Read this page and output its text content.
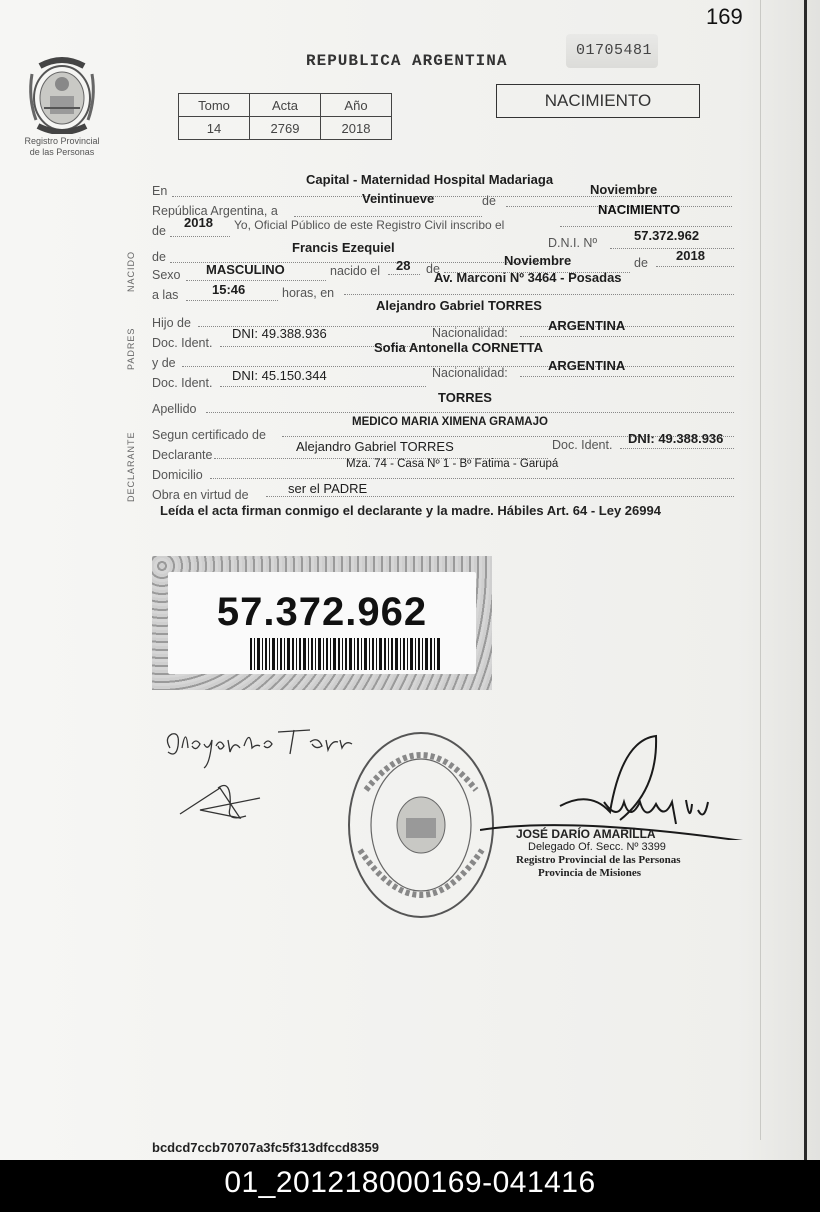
169
Registro Provincial
de las Personas
REPUBLICA ARGENTINA
01705481
Tomo	Acta	Año
14	2769	2018
NACIMIENTO
NACIDO
PADRES
DECLARANTE
En
Capital - Maternidad Hospital Madariaga
República Argentina, a
Veintinueve	de
Noviembre
de
2018 Yo, Oficial Público de este Registro Civil inscribo el
NACIMIENTO
de
Francis Ezequiel	D.N.I. Nº	57.372.962
Sexo MASCULINO	nacido el 28 de
Noviembre	de 2018
a las	15:46	horas, en
Av. Marconi Nº 3464 - Posadas
Hijo de
Alejandro Gabriel TORRES
Doc. Ident.
DNI: 49.388.936	Nacionalidad:	ARGENTINA
y de
Sofia Antonella CORNETTA
Doc. Ident. DNI: 45.150.344	Nacionalidad:	ARGENTINA
Apellido
TORRES
Segun certificado de
MEDICO MARIA XIMENA GRAMAJO
Declarante
Alejandro Gabriel TORRES	Doc. Ident. DNI: 49.388.936
Domicilio
Mza. 74 - Casa Nº 1 - Bº Fatima - Garupá
Obra en virtud de	ser el PADRE
Leída el acta firman conmigo el declarante y la madre. Hábiles Art. 64 - Ley 26994
57.372.962
JOSÉ DARÍO AMARILLA
Delegado Of. Secc. Nº 3399
Registro Provincial de las Personas
Provincia de Misiones
bcdcd7ccb70707a3fc5f313dfccd8359
01_201218000169-041416
